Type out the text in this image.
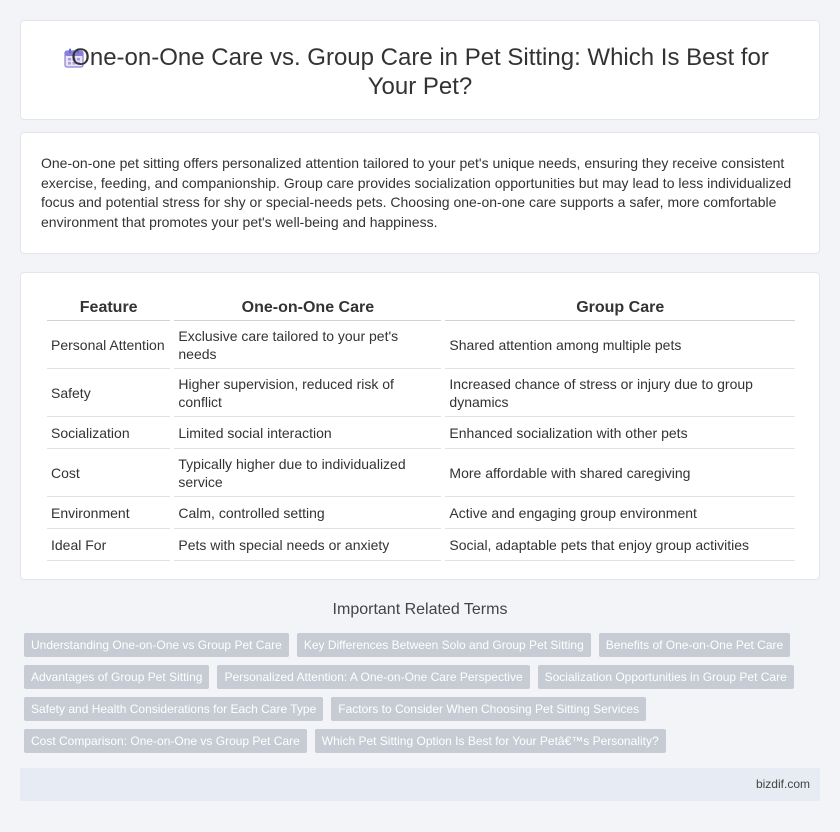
One-on-One Care vs. Group Care in Pet Sitting: Which Is Best for Your Pet?

One-on-one pet sitting offers personalized attention tailored to your pet's unique needs, ensuring they receive consistent exercise, feeding, and companionship. Group care provides socialization opportunities but may lead to less individualized focus and potential stress for shy or special-needs pets. Choosing one-on-one care supports a safer, more comfortable environment that promotes your pet's well-being and happiness.

Feature	One-on-One Care	Group Care
Personal Attention	Exclusive care tailored to your pet's needs	Shared attention among multiple pets
Safety	Higher supervision, reduced risk of conflict	Increased chance of stress or injury due to group dynamics
Socialization	Limited social interaction	Enhanced socialization with other pets
Cost	Typically higher due to individualized service	More affordable with shared caregiving
Environment	Calm, controlled setting	Active and engaging group environment
Ideal For	Pets with special needs or anxiety	Social, adaptable pets that enjoy group activities
Important Related Terms
Understanding One-on-One vs Group Pet Care	Key Differences Between Solo and Group Pet Sitting	Benefits of One-on-One Pet Care
Advantages of Group Pet Sitting	Personalized Attention: A One-on-One Care Perspective	Socialization Opportunities in Group Pet Care
Safety and Health Considerations for Each Care Type	Factors to Consider When Choosing Pet Sitting Services
Cost Comparison: One-on-One vs Group Pet Care	Which Pet Sitting Option Is Best for Your Petâ€™s Personality?
bizdif.com
